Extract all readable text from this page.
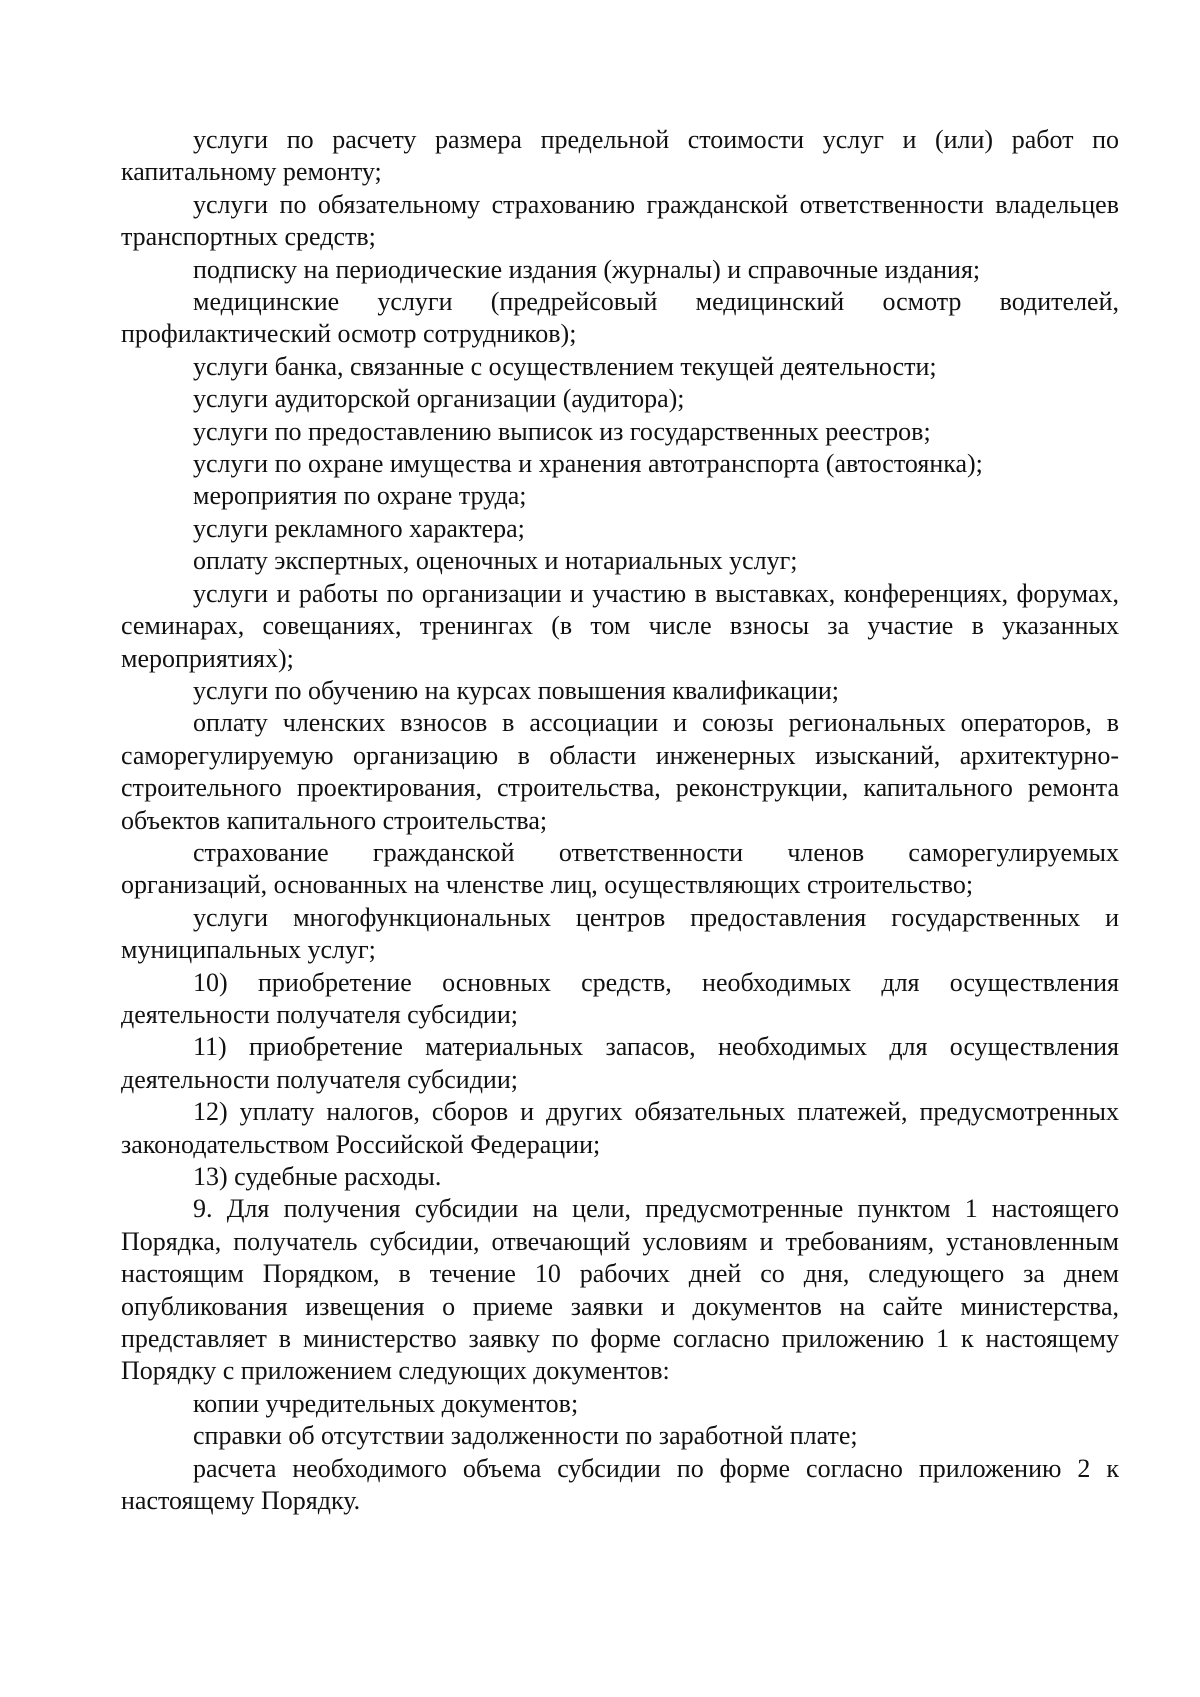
услуги по расчету размера предельной стоимости услуг и (или) работ по капитальному ремонту;

услуги по обязательному страхованию гражданской ответственности владельцев транспортных средств;

подписку на периодические издания (журналы) и справочные издания;

медицинские услуги (предрейсовый медицинский осмотр водителей, профилактический осмотр сотрудников);

услуги банка, связанные с осуществлением текущей деятельности;

услуги аудиторской организации (аудитора);

услуги по предоставлению выписок из государственных реестров;

услуги по охране имущества и хранения автотранспорта (автостоянка);

мероприятия по охране труда;

услуги рекламного характера;

оплату экспертных, оценочных и нотариальных услуг;

услуги и работы по организации и участию в выставках, конференциях, форумах, семинарах, совещаниях, тренингах (в том числе взносы за участие в указанных мероприятиях);

услуги по обучению на курсах повышения квалификации;

оплату членских взносов в ассоциации и союзы региональных операторов, в саморегулируемую организацию в области инженерных изысканий, архитектурно-строительного проектирования, строительства, реконструкции, капитального ремонта объектов капитального строительства;

страхование гражданской ответственности членов саморегулируемых организаций, основанных на членстве лиц, осуществляющих строительство;

услуги многофункциональных центров предоставления государственных и муниципальных услуг;

10) приобретение основных средств, необходимых для осуществления деятельности получателя субсидии;

11) приобретение материальных запасов, необходимых для осуществления деятельности получателя субсидии;

12) уплату налогов, сборов и других обязательных платежей, предусмотренных законодательством Российской Федерации;

13) судебные расходы.

9. Для получения субсидии на цели, предусмотренные пунктом 1 настоящего Порядка, получатель субсидии, отвечающий условиям и требованиям, установленным настоящим Порядком, в течение 10 рабочих дней со дня, следующего за днем опубликования извещения о приеме заявки и документов на сайте министерства, представляет в министерство заявку по форме согласно приложению 1 к настоящему Порядку с приложением следующих документов:

копии учредительных документов;

справки об отсутствии задолженности по заработной плате;

расчета необходимого объема субсидии по форме согласно приложению 2 к настоящему Порядку.
